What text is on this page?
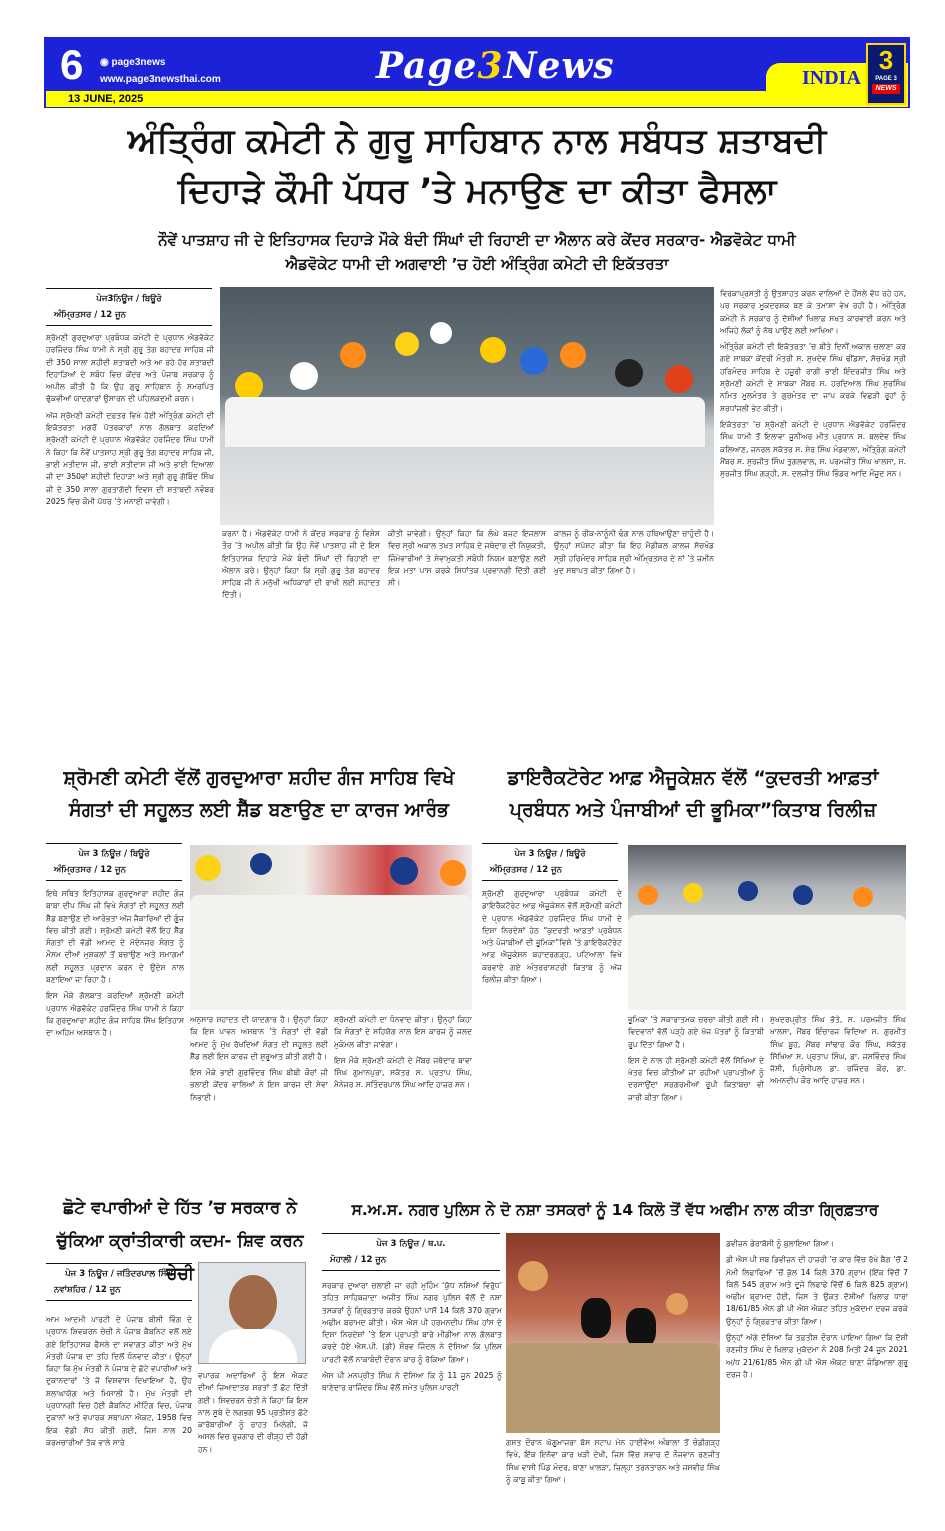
6 ◉ page3news
www.page3newsthai.com
13 JUNE, 2025
Page3News	INDIA
3
PAGE 3
NEWS
ਅੰਤ੍ਰਿੰਗ ਕਮੇਟੀ ਨੇ ਗੁਰੂ ਸਾਹਿਬਾਨ ਨਾਲ ਸਬੰਧਤ ਸ਼ਤਾਬਦੀ
ਦਿਹਾੜੇ ਕੌਮੀ ਪੱਧਰ ’ਤੇ ਮਨਾਉਣ ਦਾ ਕੀਤਾ ਫੈਸਲਾ
ਨੌਵੇਂ ਪਾਤਸ਼ਾਹ ਜੀ ਦੇ ਇਤਿਹਾਸਕ ਦਿਹਾੜੇ ਮੌਕੇ ਬੰਦੀ ਸਿੰਘਾਂ ਦੀ ਰਿਹਾਈ ਦਾ ਐਲਾਨ ਕਰੇ ਕੇਂਦਰ ਸਰਕਾਰ- ਐਡਵੋਕੇਟ ਧਾਮੀ
ਐਡਵੋਕੇਟ ਧਾਮੀ ਦੀ ਅਗਵਾਈ ’ਚ ਹੋਈ ਅੰਤ੍ਰਿੰਗ ਕਮੇਟੀ ਦੀ ਇਕੱਤਰਤਾ
ਪੇਜ3ਨਿਊਜ / ਬਿਊਰੋ
ਅੰਮ੍ਰਿਤਸਰ / 12 ਜੂਨ

ਸ਼੍ਰੋਮਣੀ ਗੁਰਦੁਆਰਾ ਪ੍ਰਬੰਧਕ ਕਮੇਟੀ ਦੇ ਪ੍ਰਧਾਨ ਐਡਵੋਕੇਟ ਹਰਜਿੰਦਰ ਸਿੰਘ ਧਾਮੀ ਨੇ ਸ੍ਰੀ ਗੁਰੂ ਤੇਗ ਬਹਾਦਰ ਸਾਹਿਬ ਜੀ ਦੀ 350 ਸਾਲਾ ਸ਼ਹੀਦੀ ਸ਼ਤਾਬਦੀ ਅਤੇ ਆ ਰਹੇ ਹੋਰ ਸ਼ਤਾਬਦੀ ਦਿਹਾੜਿਆਂ ਦੇ ਸਬੰਧ ਵਿਚ ਕੇਂਦਰ ਅਤੇ ਪੰਜਾਬ ਸਰਕਾਰ ਨੂੰ ਅਪੀਲ ਕੀਤੀ ਹੈ ਕਿ ਉਹ ਗੁਰੂ ਸਾਹਿਬਾਨ ਨੂੰ ਸਮਰਪਿਤ ਢੁੱਕਵੀਆਂ ਯਾਦਗਾਰਾਂ ਉਸਾਰਨ ਦੀ ਪਹਿਲਕਦਮੀ ਕਰਨ।

ਅੱਜ ਸ਼੍ਰੋਮਣੀ ਕਮੇਟੀ ਦਫ਼ਤਰ ਵਿਖੇ ਹੋਈ ਅੰਤ੍ਰਿੰਗ ਕਮੇਟੀ ਦੀ ਇਕੱਤਰਤਾ ਮਗਰੋਂ ਪੱਤਰਕਾਰਾਂ ਨਾਲ ਗੱਲਬਾਤ ਕਰਦਿਆਂ ਸ਼੍ਰੋਮਣੀ ਕਮੇਟੀ ਦੇ ਪ੍ਰਧਾਨ ਐਡਵੋਕੇਟ ਹਰਜਿੰਦਰ ਸਿੰਘ ਧਾਮੀ ਨੇ ਕਿਹਾ ਕਿ ਨੌਵੇਂ ਪਾਤਸ਼ਾਹ ਸ੍ਰੀ ਗੁਰੂ ਤੇਗ ਬਹਾਦਰ ਸਾਹਿਬ ਜੀ, ਭਾਈ ਮਤੀਦਾਸ ਜੀ, ਭਾਈ ਸਤੀਦਾਸ ਜੀ ਅਤੇ ਭਾਈ ਦਿਆਲਾ ਜੀ ਦਾ 350ਵਾਂ ਸ਼ਹੀਦੀ ਦਿਹਾੜਾ ਅਤੇ ਸ੍ਰੀ ਗੁਰੂ ਗੋਬਿੰਦ ਸਿੰਘ ਜੀ ਦੇ 350 ਸਾਲਾ ਗੁਰਤਾਗੱਦੀ ਦਿਵਸ ਦੀ ਸ਼ਤਾਬਦੀ ਨਵੰਬਰ 2025 ਵਿਚ ਕੌਮੀ ਪੱਧਰ ’ਤੇ ਮਨਾਈ ਜਾਵੇਗੀ।

ਕਰਨਾ ਹੈ। ਐਡਵੋਕੇਟ ਧਾਮੀ ਨੇ ਕੇਂਦਰ ਸਰਕਾਰ ਨੂੰ ਵਿਸ਼ੇਸ਼ ਤੌਰ ’ਤੇ ਅਪੀਲ ਕੀਤੀ ਕਿ ਉਹ ਨੌਵੇਂ ਪਾਤਸ਼ਾਹ ਜੀ ਦੇ ਇਸ ਇਤਿਹਾਸਕ ਦਿਹਾੜੇ ਮੌਕੇ ਬੰਦੀ ਸਿੰਘਾਂ ਦੀ ਰਿਹਾਈ ਦਾ ਐਲਾਨ ਕਰੇ। ਉਨ੍ਹਾਂ ਕਿਹਾ ਕਿ ਸ੍ਰੀ ਗੁਰੂ ਤੇਗ ਬਹਾਦਰ ਸਾਹਿਬ ਜੀ ਨੇ ਮਨੁੱਖੀ ਅਧਿਕਾਰਾਂ ਦੀ ਰਾਖੀ ਲਈ ਸ਼ਹਾਦਤ ਦਿੱਤੀ।

ਕੀਤੀ ਜਾਵੇਗੀ। ਉਨ੍ਹਾਂ ਕਿਹਾ ਕਿ ਲੰਘੇ ਬਜਟ ਇਜਲਾਸ ਵਿਚ ਸ੍ਰੀ ਅਕਾਲ ਤਖ਼ਤ ਸਾਹਿਬ ਦੇ ਜਥੇਦਾਰ ਦੀ ਨਿਯੁਕਤੀ, ਜ਼ਿੰਮੇਵਾਰੀਆਂ ਤੇ ਸੇਵਾਮੁਕਤੀ ਸਬੰਧੀ ਨਿਯਮ ਬਣਾਉਣ ਲਈ ਇਕ ਮਤਾ ਪਾਸ ਕਰਕੇ ਸਿਧਾਂਤਕ ਪ੍ਰਵਾਨਗੀ ਦਿੱਤੀ ਗਈ ਸੀ।

ਕਾਲਜ ਨੂੰ ਰੀਕ-ਨਾਨੂੰਨੀ ਢੰਗ ਨਾਲ ਹਥਿਆਉਣਾ ਚਾਹੁੰਦੀ ਹੈ। ਉਨ੍ਹਾਂ ਸਪੱਸ਼ਟ ਕੀਤਾ ਕਿ ਇਹ ਮੈਡੀਕਲ ਕਾਲਜ ਸੱਚਖੰਡ ਸ੍ਰੀ ਹਰਿਮੰਦਰ ਸਾਹਿਬ ਸ੍ਰੀ ਅੰਮ੍ਰਿਤਸਰ ਦੇ ਨਾਂ ’ਤੇ ਜ਼ਮੀਨ ਖੁਦ ਸਥਾਪਤ ਕੀਤਾ ਗਿਆ ਹੈ।

ਵਿਰਕਾਪ੍ਰਸਤੀ ਨੂੰ ਉਤਸ਼ਾਹਤ ਕਰਨ ਵਾਲਿਆਂ ਦੇ ਹੌਂਸਲੇ ਵੱਧ ਰਹੇ ਹਨ, ਪਰ ਸਰਕਾਰ ਮੂਕਦਰਸ਼ਕ ਬਣ ਕੇ ਤਮਾਸ਼ਾ ਵੇਖ ਰਹੀ ਹੈ। ਅੰਤ੍ਰਿੰਗ ਕਮੇਟੀ ਨੇ ਸਰਕਾਰ ਨੂੰ ਦੋਸ਼ੀਆਂ ਖਿਲਾਫ਼ ਸਖ਼ਤ ਕਾਰਵਾਈ ਕਰਨ ਅਤੇ ਅਜਿਹੇ ਲੋਕਾਂ ਨੂੰ ਨੱਥ ਪਾਉਣ ਲਈ ਆਖਿਆ।

ਅੰਤ੍ਰਿੰਗ ਕਮੇਟੀ ਦੀ ਇਕੱਤਰਤਾ ’ਚ ਬੀਤੇ ਦਿਨੀਂ ਅਕਾਲ ਚਲਾਣਾ ਕਰ ਗਏ ਸਾਬਕਾ ਕੇਂਦਰੀ ਮੰਤਰੀ ਸ. ਸੁਖਦੇਵ ਸਿੰਘ ਢੀਂਡਸਾ, ਸੱਚਖੰਡ ਸ੍ਰੀ ਹਰਿਮੰਦਰ ਸਾਹਿਬ ਦੇ ਹਜ਼ੂਰੀ ਰਾਗੀ ਭਾਈ ਇੰਦਰਜੀਤ ਸਿੰਘ ਅਤੇ ਸ਼੍ਰੋਮਣੀ ਕਮੇਟੀ ਦੇ ਸਾਬਕਾ ਮੈਂਬਰ ਸ. ਹਰਦਿਆਲ ਸਿੰਘ ਸੁਰਸਿੰਘ ਨਮਿਤ ਮੂਲਮੰਤਰ ਤੇ ਗੁਰਮੰਤਰ ਦਾ ਜਾਪ ਕਰਕੇ ਵਿਛੜੀ ਰੂਹਾਂ ਨੂੰ ਸ਼ਰਧਾਂਜਲੀ ਭੇਟ ਕੀਤੀ।

ਇਕੱਤਰਤਾ ’ਚ ਸ਼੍ਰੋਮਣੀ ਕਮੇਟੀ ਦੇ ਪ੍ਰਧਾਨ ਐਡਵੋਕੇਟ ਹਰਜਿੰਦਰ ਸਿੰਘ ਧਾਮੀ ਤੋਂ ਇਲਾਵਾ ਜੂਨੀਅਰ ਮੀਤ ਪ੍ਰਧਾਨ ਸ. ਬਲਦੇਵ ਸਿੰਘ ਕਲਿਆਣ, ਜਨਰਲ ਸਕੱਤਰ ਸ. ਸ਼ੇਰ ਸਿੰਘ ਮੰਡਵਾਲਾ, ਅੰਤ੍ਰਿੰਗ ਕਮੇਟੀ ਮੈਂਬਰ ਸ. ਸੁਰਜੀਤ ਸਿੰਘ ਤੁਗਲਵਾਲ, ਸ. ਪਰਮਜੀਤ ਸਿੰਘ ਖਾਲਸਾ, ਸ. ਸੁਰਜੀਤ ਸਿੰਘ ਗੜ੍ਹੀ, ਸ. ਦਲਜੀਤ ਸਿੰਘ ਭਿੰਡਰ ਆਦਿ ਮੌਜੂਦ ਸਨ।

ਸ਼੍ਰੋਮਣੀ ਕਮੇਟੀ ਵੱਲੋਂ ਗੁਰਦੁਆਰਾ ਸ਼ਹੀਦ ਗੰਜ ਸਾਹਿਬ ਵਿਖੇ
ਸੰਗਤਾਂ ਦੀ ਸਹੂਲਤ ਲਈ ਸ਼ੈੱਡ ਬਣਾਉਣ ਦਾ ਕਾਰਜ ਆਰੰਭ
ਪੇਜ 3 ਨਿਊਜ਼ / ਬਿਊਰੋ
ਅੰਮ੍ਰਿਤਸਰ / 12 ਜੂਨ

ਇਥੇ ਸਥਿਤ ਇਤਿਹਾਸਕ ਗੁਰਦੁਆਰਾ ਸ਼ਹੀਦ ਗੰਜ ਬਾਬਾ ਦੀਪ ਸਿੰਘ ਜੀ ਵਿਖੇ ਸੰਗਤਾਂ ਦੀ ਸਹੂਲਤ ਲਈ ਸ਼ੈੱਡ ਬਣਾਉਣ ਦੀ ਆਰੰਭਤਾ ਅੱਜ ਜੈਕਾਰਿਆਂ ਦੀ ਗੂੰਜ ਵਿਚ ਕੀਤੀ ਗਈ। ਸ਼੍ਰੋਮਣੀ ਕਮੇਟੀ ਵੱਲੋਂ ਇਹ ਸ਼ੈੱਡ ਸੰਗਤਾਂ ਦੀ ਵੱਡੀ ਆਮਦ ਦੇ ਮੱਦੇਨਜ਼ਰ ਸੰਗਤ ਨੂੰ ਮੌਸਮ ਦੀਆਂ ਮੁਸ਼ਕਲਾਂ ਤੋਂ ਬਚਾਉਣ ਅਤੇ ਸਮਾਗਮਾਂ ਲਈ ਸਹੂਲਤ ਪ੍ਰਦਾਨ ਕਰਨ ਦੇ ਉਦੇਸ਼ ਨਾਲ ਬਣਾਇਆ ਜਾ ਰਿਹਾ ਹੈ।

ਇਸ ਮੌਕੇ ਗੱਲਬਾਤ ਕਰਦਿਆਂ ਸ਼੍ਰੋਮਣੀ ਕਮੇਟੀ ਪ੍ਰਧਾਨ ਐਡਵੋਕੇਟ ਹਰਜਿੰਦਰ ਸਿੰਘ ਧਾਮੀ ਨੇ ਕਿਹਾ ਕਿ ਗੁਰਦੁਆਰਾ ਸ਼ਹੀਦ ਗੰਜ ਸਾਹਿਬ ਸਿੱਖ ਇਤਿਹਾਸ ਦਾ ਅਹਿਮ ਅਸਥਾਨ ਹੈ।

ਅਨੁਸਾਰ ਸ਼ਹਾਦਤ ਦੀ ਯਾਦਗਾਰ ਹੈ। ਉਨ੍ਹਾਂ ਕਿਹਾ ਕਿ ਇਸ ਪਾਵਨ ਅਸਥਾਨ ’ਤੇ ਸੰਗਤਾਂ ਦੀ ਵੱਡੀ ਆਮਦ ਨੂੰ ਮੁੱਖ ਰੱਖਦਿਆਂ ਸੰਗਤ ਦੀ ਸਹੂਲਤ ਲਈ ਸ਼ੈੱਡ ਲਈ ਇਸ ਕਾਰਜ ਦੀ ਸ਼ੁਰੂਆਤ ਕੀਤੀ ਗਈ ਹੈ।

ਇਸ ਮੌਕੇ ਭਾਈ ਗੁਰਵਿੰਦਰ ਸਿੰਘ ਬੀਬੀ ਕੌਰਾਂ ਜੀ ਭਲਾਈ ਕੇਂਦਰ ਵਾਲਿਆਂ ਨੇ ਇਸ ਕਾਰਜ ਦੀ ਸੇਵਾ ਨਿਭਾਈ।

ਸ਼੍ਰੋਮਣੀ ਕਮੇਟੀ ਦਾ ਧੰਨਵਾਦ ਕੀਤਾ। ਉਨ੍ਹਾਂ ਕਿਹਾ ਕਿ ਸੰਗਤਾਂ ਦੇ ਸਹਿਯੋਗ ਨਾਲ ਇਸ ਕਾਰਜ ਨੂੰ ਜਲਦ ਮੁਕੰਮਲ ਕੀਤਾ ਜਾਵੇਗਾ।

ਇਸ ਮੌਕੇ ਸ਼੍ਰੋਮਣੀ ਕਮੇਟੀ ਦੇ ਮੈਂਬਰ ਜਥੇਦਾਰ ਬਾਵਾ ਸਿੰਘ ਗੁਮਾਨਪੁਰਾ, ਸਕੱਤਰ ਸ. ਪ੍ਰਤਾਪ ਸਿੰਘ, ਮੈਨੇਜਰ ਸ. ਸਤਿੰਦਰਪਾਲ ਸਿੰਘ ਆਦਿ ਹਾਜ਼ਰ ਸਨ।

ਡਾਇਰੈਕਟੋਰੇਟ ਆਫ਼ ਐਜੂਕੇਸ਼ਨ ਵੱਲੋਂ “ਕੁਦਰਤੀ ਆਫ਼ਤਾਂ
ਪ੍ਰਬੰਧਨ ਅਤੇ ਪੰਜਾਬੀਆਂ ਦੀ ਭੂਮਿਕਾ”ਕਿਤਾਬ ਰਿਲੀਜ਼
ਪੇਜ 3 ਨਿਊਜ਼ / ਬਿਊਰੋ
ਅੰਮ੍ਰਿਤਸਰ / 12 ਜੂਨ

ਸ਼੍ਰੋਮਣੀ ਗੁਰਦੁਆਰਾ ਪ੍ਰਬੰਧਕ ਕਮੇਟੀ ਦੇ ਡਾਇਰੈਕਟੋਰੇਟ ਆਫ਼ ਐਜੂਕੇਸ਼ਨ ਵੱਲੋਂ ਸ਼੍ਰੋਮਣੀ ਕਮੇਟੀ ਦੇ ਪ੍ਰਧਾਨ ਐਡਵੋਕੇਟ ਹਰਜਿੰਦਰ ਸਿੰਘ ਧਾਮੀ ਦੇ ਦਿਸ਼ਾ ਨਿਰਦੇਸ਼ਾਂ ਹੇਠ “ਕੁਦਰਤੀ ਆਫ਼ਤਾਂ ਪ੍ਰਬੰਧਨ ਅਤੇ ਪੰਜਾਬੀਆਂ ਦੀ ਭੂਮਿਕਾ”ਵਿਸ਼ੇ ’ਤੇ ਡਾਇਰੈਕਟੋਰੇਟ ਆਫ਼ ਐਜੂਕੇਸ਼ਨ ਬਹਾਦਰਗੜ੍ਹ, ਪਟਿਆਲਾ ਵਿਖੇ ਕਰਵਾਏ ਗਏ ਅੰਤਰਰਾਸ਼ਟਰੀ ਕਿਤਾਬ ਨੂੰ ਅੱਜ ਰਿਲੀਜ਼ ਕੀਤਾ ਗਿਆ।

ਭੂਮਿਕਾ ’ਤੇ ਸਕਾਰਾਤਮਕ ਚਰਚਾ ਕੀਤੀ ਗਈ ਸੀ। ਵਿਦਵਾਨਾਂ ਵੱਲੋਂ ਪੜ੍ਹੇ ਗਏ ਖੋਜ ਪੱਤਰਾਂ ਨੂੰ ਕਿਤਾਬੀ ਰੂਪ ਦਿੱਤਾ ਗਿਆ ਹੈ।

ਇਸ ਦੇ ਨਾਲ ਹੀ ਸ਼੍ਰੋਮਣੀ ਕਮੇਟੀ ਵੱਲੋਂ ਸਿੱਖਿਆ ਦੇ ਖੇਤਰ ਵਿਚ ਕੀਤੀਆਂ ਜਾ ਰਹੀਆਂ ਪ੍ਰਾਪਤੀਆਂ ਨੂੰ ਦਰਸਾਉਂਦਾ ਸਰਗਰਮੀਆਂ ਰੂਪੀ ਕਿਤਾਬਚਾ ਵੀ ਜਾਰੀ ਕੀਤਾ ਗਿਆ।

ਸੁਖਦਰਪ੍ਰੀਤ ਸਿੰਘ ਭੋਤੇ, ਸ. ਪਰਮਜੀਤ ਸਿੰਘ ਖਾਲਸਾ, ਮੈਂਬਰ ਇੰਚਾਰਜ ਵਿਦਿਆ ਸ. ਗੁਰਮੀਤ ਸਿੰਘ ਬੂਹ, ਮੈਂਬਰ ਸਾਂਢਾਰ ਕੌਰ ਸਿੰਘ, ਸਕੱਤਰ ਸਿੱਖਿਆ ਸ. ਪ੍ਰਤਾਪ ਸਿੰਘ, ਡਾ. ਜਸਵਿੰਦਰ ਸਿੰਘ ਜੱਸੀ, ਪ੍ਰਿੰਸੀਪਲ ਡਾ. ਰਜਿੰਦਰ ਕੌਰ, ਡਾ. ਅਮਨਦੀਪ ਕੌਰ ਆਦਿ ਹਾਜ਼ਰ ਸਨ।

ਛੋਟੇ ਵਪਾਰੀਆਂ ਦੇ ਹਿੱਤ ’ਚ ਸਰਕਾਰ ਨੇ
ਚੁੱਕਿਆ ਕ੍ਰਾਂਤੀਕਾਰੀ ਕਦਮ- ਸ਼ਿਵ ਕਰਨ ਚੇਚੀ
ਪੇਜ 3 ਨਿਊਜ਼ / ਜਤਿੰਦਰਪਾਲ ਸਿੰਘ
ਨਵਾਂਸ਼ਹਿਰ / 12 ਜੂਨ

ਆਮ ਆਦਮੀ ਪਾਰਟੀ ਦੇ ਪੰਜਾਬ ਬੀਸੀ ਵਿੰਗ ਦੇ ਪ੍ਰਧਾਨ ਸ਼ਿਵਕਰਨ ਚੇਚੀ ਨੇ ਪੰਜਾਬ ਕੈਬਨਿਟ ਵਲੋਂ ਲਏ ਗਏ ਇਤਿਹਾਸਕ ਫੈਸਲੇ ਦਾ ਸਵਾਗਤ ਕੀਤਾ ਅਤੇ ਮੁੱਖ ਮੰਤਰੀ ਪੰਜਾਬ ਦਾ ਤਹਿ ਦਿਲੋਂ ਧੰਨਵਾਦ ਕੀਤਾ। ਉਨ੍ਹਾਂ ਕਿਹਾ ਕਿ ਮੁੱਖ ਮੰਤਰੀ ਨੇ ਪੰਜਾਬ ਦੇ ਛੋਟੇ ਵਪਾਰੀਆਂ ਅਤੇ ਦੁਕਾਨਦਾਰਾਂ ’ਤੇ ਜੋ ਵਿਸ਼ਵਾਸ ਦਿਖਾਇਆ ਹੈ, ਉਹ ਸ਼ਲਾਘਾਯੋਗ ਅਤੇ ਮਿਸਾਲੀ ਹੈ। ਮੁੱਖ ਮੰਤਰੀ ਦੀ ਪ੍ਰਧਾਨਗੀ ਵਿਚ ਹੋਈ ਕੈਬਨਿਟ ਮੀਟਿੰਗ ਵਿਚ, ਪੰਜਾਬ ਦੁਕਾਨਾਂ ਅਤੇ ਵਪਾਰਕ ਸਥਾਪਨਾ ਐਕਟ, 1958 ਵਿਚ ਇਕ ਵੱਡੀ ਸੋਧ ਕੀਤੀ ਗਈ, ਜਿਸ ਨਾਲ 20 ਕਰਮਚਾਰੀਆਂ ਤੱਕ ਵਾਲੇ ਸਾਰੇ

ਵਪਾਰਕ ਅਦਾਰਿਆਂ ਨੂੰ ਇਸ ਐਕਟ ਦੀਆਂ ਜ਼ਿਆਦਾਤਰ ਸ਼ਰਤਾਂ ਤੋਂ ਛੋਟ ਦਿੱਤੀ ਗਈ। ਸ਼ਿਵਚਰਨ ਚੇਤੀ ਨੇ ਕਿਹਾ ਕਿ ਇਸ ਨਾਲ ਸੂਬੇ ਦੇ ਲਗਭਗ 95 ਪ੍ਰਤੀਸ਼ਤ ਛੋਟੇ ਕਾਰੋਬਾਰੀਆਂ ਨੂੰ ਰਾਹਤ ਮਿਲੇਗੀ, ਜੋ ਅਸਲ ਵਿਚ ਰੁਜ਼ਗਾਰ ਦੀ ਰੀੜ੍ਹ ਦੀ ਹੱਡੀ ਹਨ।

ਸ.ਅ.ਸ. ਨਗਰ ਪੁਲਿਸ ਨੇ ਦੋ ਨਸ਼ਾ ਤਸਕਰਾਂ ਨੂੰ 14 ਕਿਲੋ ਤੋਂ ਵੱਧ ਅਫੀਮ ਨਾਲ ਕੀਤਾ ਗ੍ਰਿਫ਼ਤਾਰ
ਪੇਜ 3 ਨਿਊਜ਼ / ਥ.ਪ.
ਮੋਹਾਲੀ / 12 ਜੂਨ

ਸਰਕਾਰ ਦੁਆਰਾ ਚਲਾਈ ਜਾ ਰਹੀ ਮੁਹਿੰਮ ‘ਯੁੱਧ ਨਸ਼ਿਆਂ ਵਿਰੁੱਧ’ ਤਹਿਤ ਸਾਹਿਬਜ਼ਾਦਾ ਅਜੀਤ ਸਿੰਘ ਨਗਰ ਪੁਲਿਸ ਵੱਲੋਂ ਦੋ ਨਸ਼ਾ ਤਸਕਰਾਂ ਨੂੰ ਗ੍ਰਿਫ਼ਤਾਰ ਕਰਕੇ ਉਹਨਾਂ ਪਾਸੋਂ 14 ਕਿਲੋ 370 ਗ੍ਰਾਮ ਅਫੀਮ ਬਰਾਮਦ ਕੀਤੀ। ਐਸ ਐਸ ਪੀ ਹਰਮਨਦੀਪ ਸਿੰਘ ਹਾਂਸ ਦੇ ਦਿਸ਼ਾ ਨਿਰਦੇਸ਼ਾਂ ’ਤੇ ਇਸ ਪ੍ਰਾਪਤੀ ਬਾਰੇ ਮੀਡੀਆ ਨਾਲ ਗੱਲਬਾਤ ਕਰਦੇ ਹੋਏ ਐਸ.ਪੀ. (ਡੀ) ਸੌਰਵ ਜਿੰਦਲ ਨੇ ਦੱਸਿਆ ਕਿ ਪੁਲਿਸ ਪਾਰਟੀ ਵੱਲੋਂ ਨਾਕਾਬੰਦੀ ਦੌਰਾਨ ਕਾਰ ਨੂੰ ਰੋਕਿਆ ਗਿਆ।

ਐਸ ਪੀ ਮਨਪ੍ਰੀਤ ਸਿੰਘ ਨੇ ਦੱਸਿਆ ਕਿ ਨੂੰ 11 ਜੂਨ 2025 ਨੂੰ ਥਾਣੇਦਾਰ ਰਾਜਿੰਦਰ ਸਿੰਘ ਵੱਲੋਂ ਸਮੇਤ ਪੁਲਿਸ ਪਾਰਟੀ

ਗਸ਼ਤ ਦੌਰਾਨ ਘੋਗੂਮਾਜਰਾ ਬੱਸ ਸਟਾਪ ਮੇਨ ਹਾਈਵੇਅ ਅੰਬਾਲਾ ਤੋਂ ਚੰਡੀਗੜ੍ਹ ਵਿਖੇ, ਇੱਕ ਇਨੋਵਾ ਕਾਰ ਖੜੀ ਦੇਖੀ, ਜਿਸ ਵਿੱਚ ਸਵਾਰ ਦੋ ਨੌਜਵਾਨ ਰਣਜੀਤ ਸਿੰਘ ਵਾਸੀ ਪਿੰਡ ਮੰਦਰ, ਥਾਣਾ ਖਾਲੜਾ, ਜ਼ਿਲ੍ਹਾ ਤਰਨਤਾਰਨ ਅਤੇ ਜਸਵੀਰ ਸਿੰਘ ਨੂੰ ਕਾਬੂ ਕੀਤਾ ਗਿਆ।

ਡਵੀਜ਼ਨ ਡੇਰਾਬੱਸੀ ਨੂੰ ਬੁਲਾਇਆ ਗਿਆ।

ਡੀ ਐਸ ਪੀ ਸਬ ਡਿਵੀਜ਼ਨ ਦੀ ਹਾਜ਼ਰੀ ’ਚ ਕਾਰ ਵਿੱਚ ਰੱਖੇ ਬੈਗ ’ਚੋਂ 2 ਮੋਮੀ ਲਿਫਾਫਿਆਂ ’ਚੋਂ ਕੁੱਲ 14 ਕਿਲੋ 370 ਗ੍ਰਾਮ (ਇੱਕ ਵਿੱਚੋਂ 7 ਕਿਲੋ 545 ਗ੍ਰਾਮ ਅਤੇ ਦੂਜੇ ਲਿਫਾਫੇ ਵਿੱਚੋਂ 6 ਕਿਲੋ 825 ਗ੍ਰਾਮ) ਅਫੀਮ ਬ੍ਰਾਮਦ ਹੋਈ, ਜਿਸ ਤੇ ਉਕਤ ਦੋਸ਼ੀਆਂ ਖ਼ਿਲਾਫ਼ ਧਾਰਾ 18/61/85 ਐਨ ਡੀ ਪੀ ਐਸ ਐਕਟ ਤਹਿਤ ਮੁਕੱਦਮਾ ਦਰਜ ਕਰਕੇ ਉਨ੍ਹਾਂ ਨੂੰ ਗ੍ਰਿਫ਼ਤਾਰ ਕੀਤਾ ਗਿਆ।

ਉਨ੍ਹਾਂ ਅੱਗੇ ਦੱਸਿਆ ਕਿ ਤਫ਼ਤੀਸ਼ ਦੌਰਾਨ ਪਾਇਆ ਗਿਆ ਕਿ ਦੋਸ਼ੀ ਰਣਜੀਤ ਸਿੰਘ ਦੇ ਖ਼ਿਲਾਫ਼ ਮੁਕੱਦਮਾ ਨੰ 208 ਮਿਤੀ 24 ਜੂਨ 2021 ਅ/ਧ 21/61/85 ਐਨ ਡੀ ਪੀ ਐਸ ਐਕਟ ਥਾਣਾ ਜੰਡਿਆਲਾ ਗੁਰੂ ਦਰਜ ਹੈ।
